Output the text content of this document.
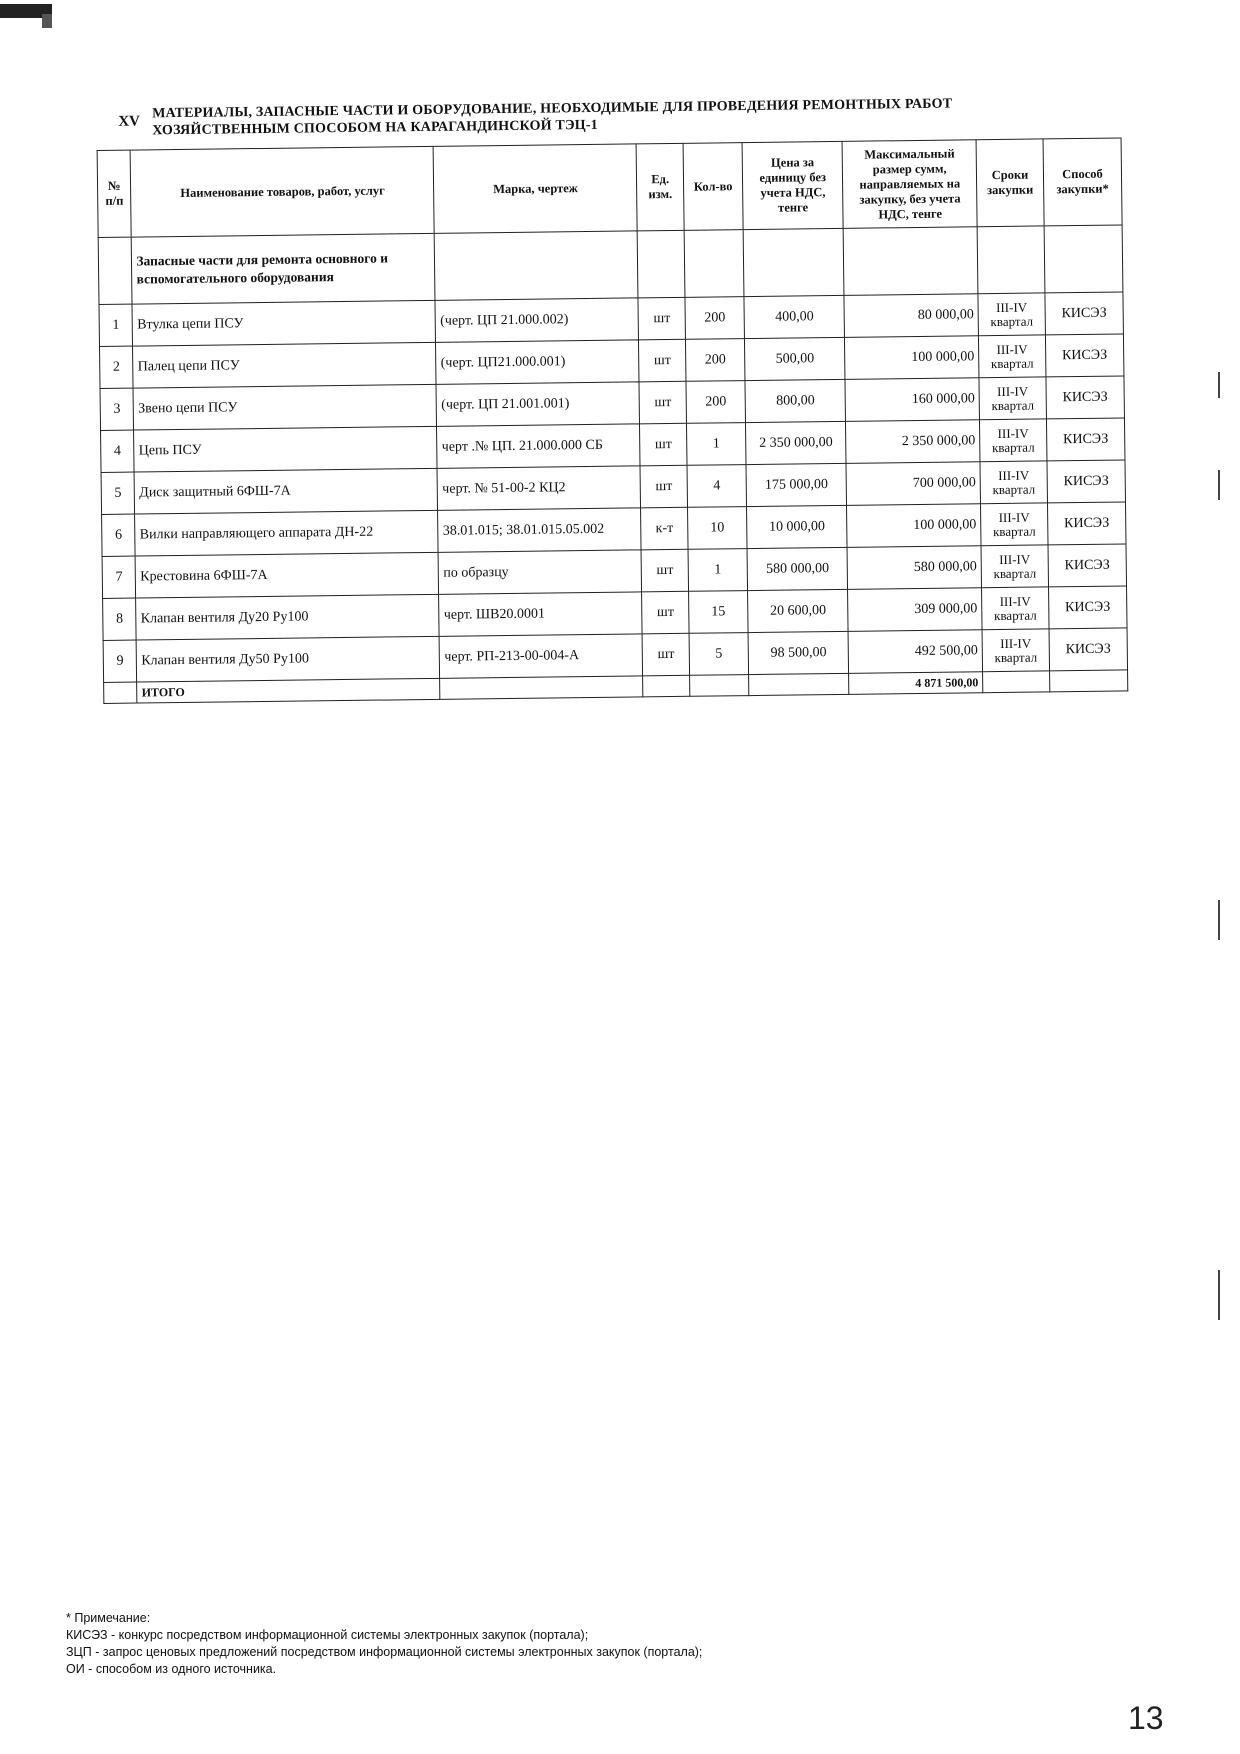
XV
МАТЕРИАЛЫ, ЗАПАСНЫЕ ЧАСТИ И ОБОРУДОВАНИЕ, НЕОБХОДИМЫЕ ДЛЯ ПРОВЕДЕНИЯ РЕМОНТНЫХ РАБОТ
ХОЗЯЙСТВЕННЫМ СПОСОБОМ НА КАРАГАНДИНСКОЙ ТЭЦ-1
№ п/п	Наименование товаров, работ, услуг	Марка, чертеж	Ед. изм.	Кол-во	Цена за единицу без учета НДС, тенге	Максимальный размер сумм, направляемых на закупку, без учета НДС, тенге	Сроки закупки	Способ закупки*
	Запасные части для ремонта основного и вспомогательного оборудования							
1	Втулка цепи ПСУ	(черт. ЦП 21.000.002)	шт	200	400,00	80 000,00	III-IV квартал	КИСЭЗ
2	Палец цепи ПСУ	(черт. ЦП21.000.001)	шт	200	500,00	100 000,00	III-IV квартал	КИСЭЗ
3	Звено цепи ПСУ	(черт. ЦП 21.001.001)	шт	200	800,00	160 000,00	III-IV квартал	КИСЭЗ
4	Цепь ПСУ	черт .№ ЦП. 21.000.000 СБ	шт	1	2 350 000,00	2 350 000,00	III-IV квартал	КИСЭЗ
5	Диск защитный 6ФШ-7А	черт. № 51-00-2 КЦ2	шт	4	175 000,00	700 000,00	III-IV квартал	КИСЭЗ
6	Вилки направляющего аппарата ДН-22	38.01.015; 38.01.015.05.002	к-т	10	10 000,00	100 000,00	III-IV квартал	КИСЭЗ
7	Крестовина 6ФШ-7А	по образцу	шт	1	580 000,00	580 000,00	III-IV квартал	КИСЭЗ
8	Клапан вентиля Ду20 Ру100	черт. ШВ20.0001	шт	15	20 600,00	309 000,00	III-IV квартал	КИСЭЗ
9	Клапан вентиля Ду50 Ру100	черт. РП-213-00-004-А	шт	5	98 500,00	492 500,00	III-IV квартал	КИСЭЗ
	ИТОГО					4 871 500,00		
* Примечание:
КИСЭЗ - конкурс посредством информационной системы электронных закупок (портала);
ЗЦП - запрос ценовых предложений посредством информационной системы электронных закупок (портала);
ОИ - способом из одного источника.
13
